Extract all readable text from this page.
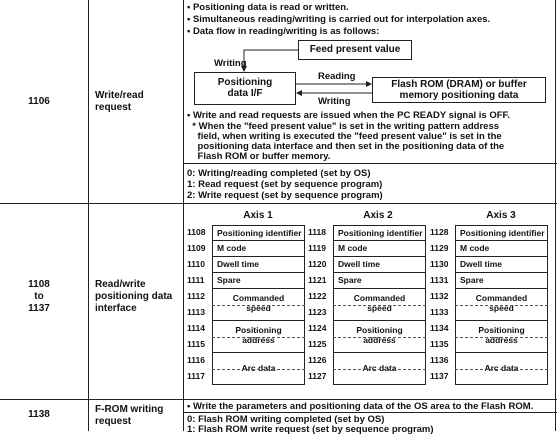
1106
Write/read
request
• Positioning data is read or written.
• Simultaneous reading/writing is carried out for interpolation axes.
• Data flow in reading/writing is as follows:
Feed present value
Writing
Positioning
data I/F
Reading
Writing
Flash ROM (DRAM) or buffer
memory positioning data
• Write and read requests are issued when the PC READY signal is OFF.
* When the "feed present value" is set in the writing pattern address
field, when writing is executed the "feed present value" is set in the
positioning data interface and then set in the positioning data of the
Flash ROM or buffer memory.
0: Writing/reading completed (set by OS)
1: Read request (set by sequence program)
2: Write request (set by sequence program)
1108
to
1137
Read/write
positioning data
interface
Axis 1
1108
1109
1110
1111
1112
1113
1114
1115
1116
1117
Positioning identifier
M code
Dwell time
Spare
Commanded
speed
Positioning
address
Arc data
Axis 2
1118
1119
1120
1121
1122
1123
1124
1125
1126
1127
Positioning identifier
M code
Dwell time
Spare
Commanded
speed
Positioning
address
Arc data
Axis 3
1128
1129
1130
1131
1132
1133
1134
1135
1136
1137
Positioning identifier
M code
Dwell time
Spare
Commanded
speed
Positioning
address
Arc data
1138	F-ROM writing
request
• Write the parameters and positioning data of the OS area to the Flash ROM.
0: Flash ROM writing completed (set by OS)
1: Flash ROM write request (set by sequence program)
